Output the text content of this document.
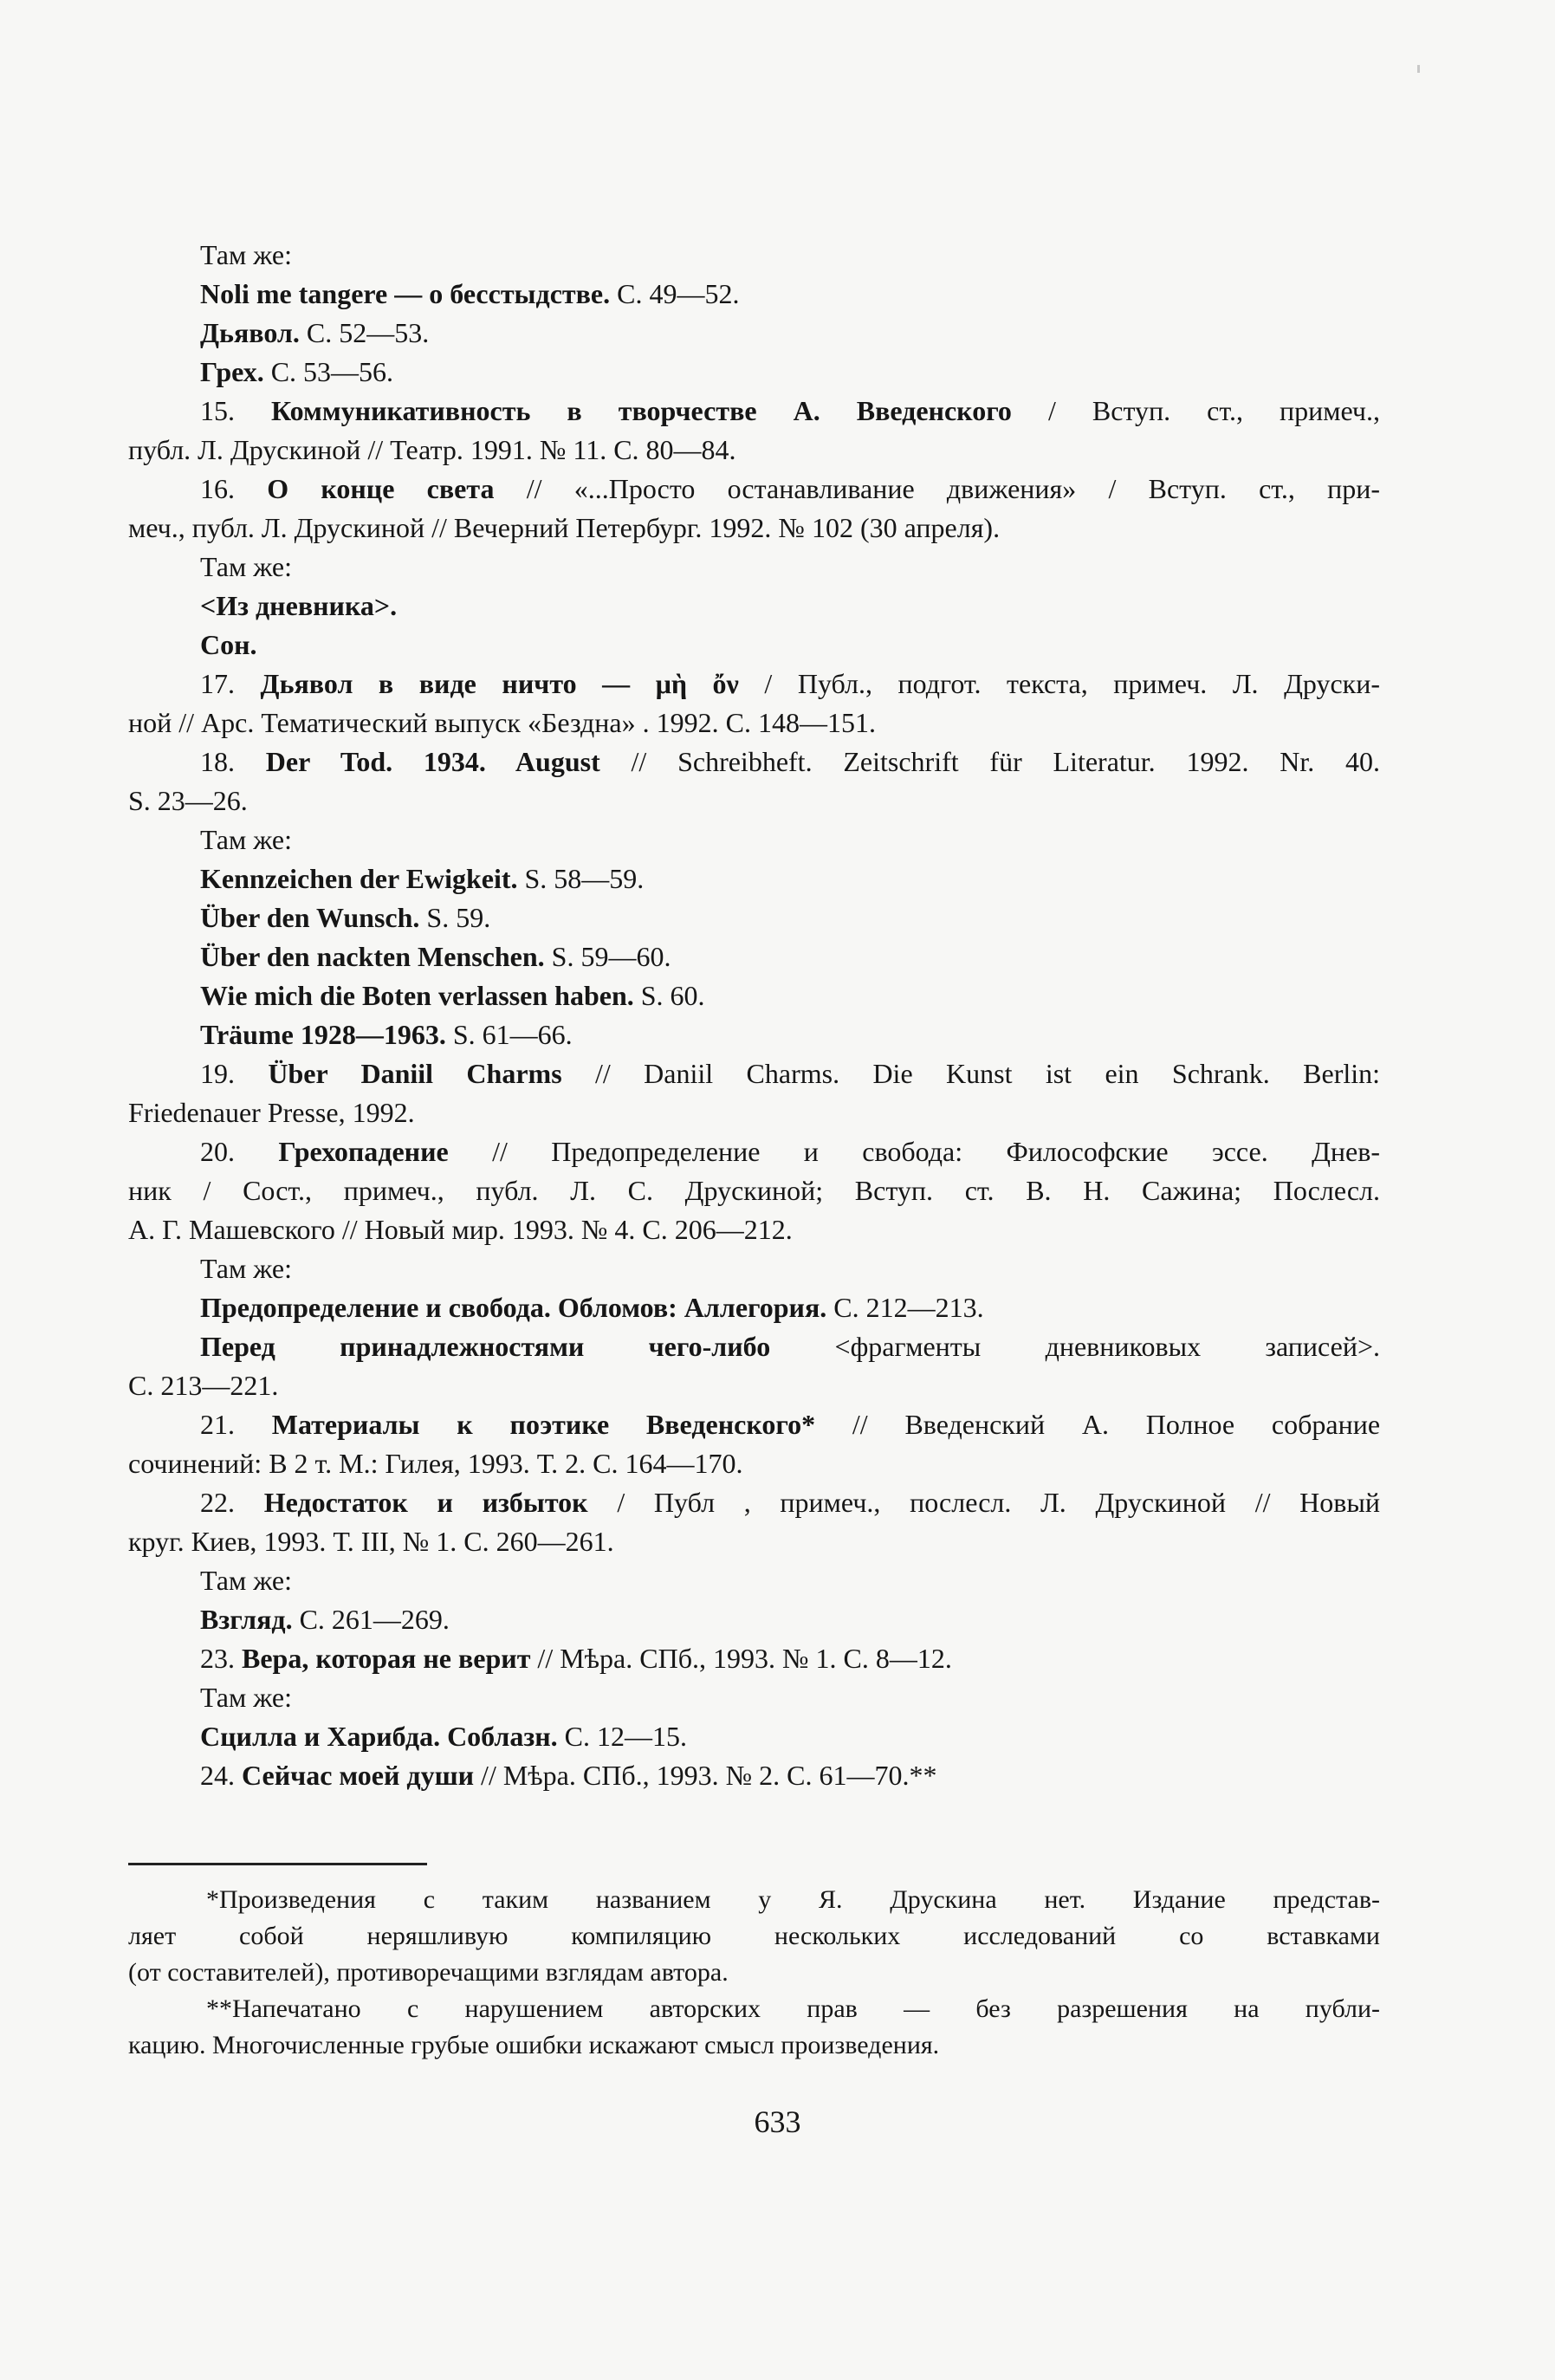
Там же:
Noli me tangere — о бесстыдстве. С. 49—52.
Дьявол. С. 52—53.
Грех. С. 53—56.
15. Коммуникативность в творчестве А. Введенского / Вступ. ст., примеч.,
публ. Л. Друскиной // Театр. 1991. № 11. С. 80—84.
16. О конце света // «...Просто останавливание движения» / Вступ. ст., при-
меч., публ. Л. Друскиной // Вечерний Петербург. 1992. № 102 (30 апреля).
Там же:
<Из дневника>.
Сон.
17. Дьявол в виде ничто — μὴ ὄν / Публ., подгот. текста, примеч. Л. Друски-
ной // Арс. Тематический выпуск «Бездна» . 1992. С. 148—151.
18. Der Tod. 1934. August // Schreibheft. Zeitschrift für Literatur. 1992. Nr. 40.
S. 23—26.
Там же:
Kennzeichen der Ewigkeit. S. 58—59.
Über den Wunsch. S. 59.
Über den nackten Menschen. S. 59—60.
Wie mich die Boten verlassen haben. S. 60.
Träume 1928—1963. S. 61—66.
19. Über Daniil Charms // Daniil Charms. Die Kunst ist ein Schrank. Berlin:
Friedenauer Presse, 1992.
20. Грехопадение // Предопределение и свобода: Философские эссе. Днев-
ник / Сост., примеч., публ. Л. С. Друскиной; Вступ. ст. В. Н. Сажина; Послесл.
А. Г. Машевского // Новый мир. 1993. № 4. С. 206—212.
Там же:
Предопределение и свобода. Обломов: Аллегория. С. 212—213.
Перед принадлежностями чего-либо <фрагменты дневниковых записей>.
С. 213—221.
21. Материалы к поэтике Введенского* // Введенский А. Полное собрание
сочинений: В 2 т. М.: Гилея, 1993. Т. 2. С. 164—170.
22. Недостаток и избыток / Публ , примеч., послесл. Л. Друскиной // Новый
круг. Киев, 1993. Т. III, № 1. С. 260—261.
Там же:
Взгляд. С. 261—269.
23. Вера, которая не верит // Мѣра. СПб., 1993. № 1. С. 8—12.
Там же:
Сцилла и Харибда. Соблазн. С. 12—15.
24. Сейчас моей души // Мѣра. СПб., 1993. № 2. С. 61—70.**
*Произведения с таким названием у Я. Друскина нет. Издание представ-
ляет собой неряшливую компиляцию нескольких исследований со вставками
(от составителей), противоречащими взглядам автора.
**Напечатано с нарушением авторских прав — без разрешения на публи-
кацию. Многочисленные грубые ошибки искажают смысл произведения.
633
